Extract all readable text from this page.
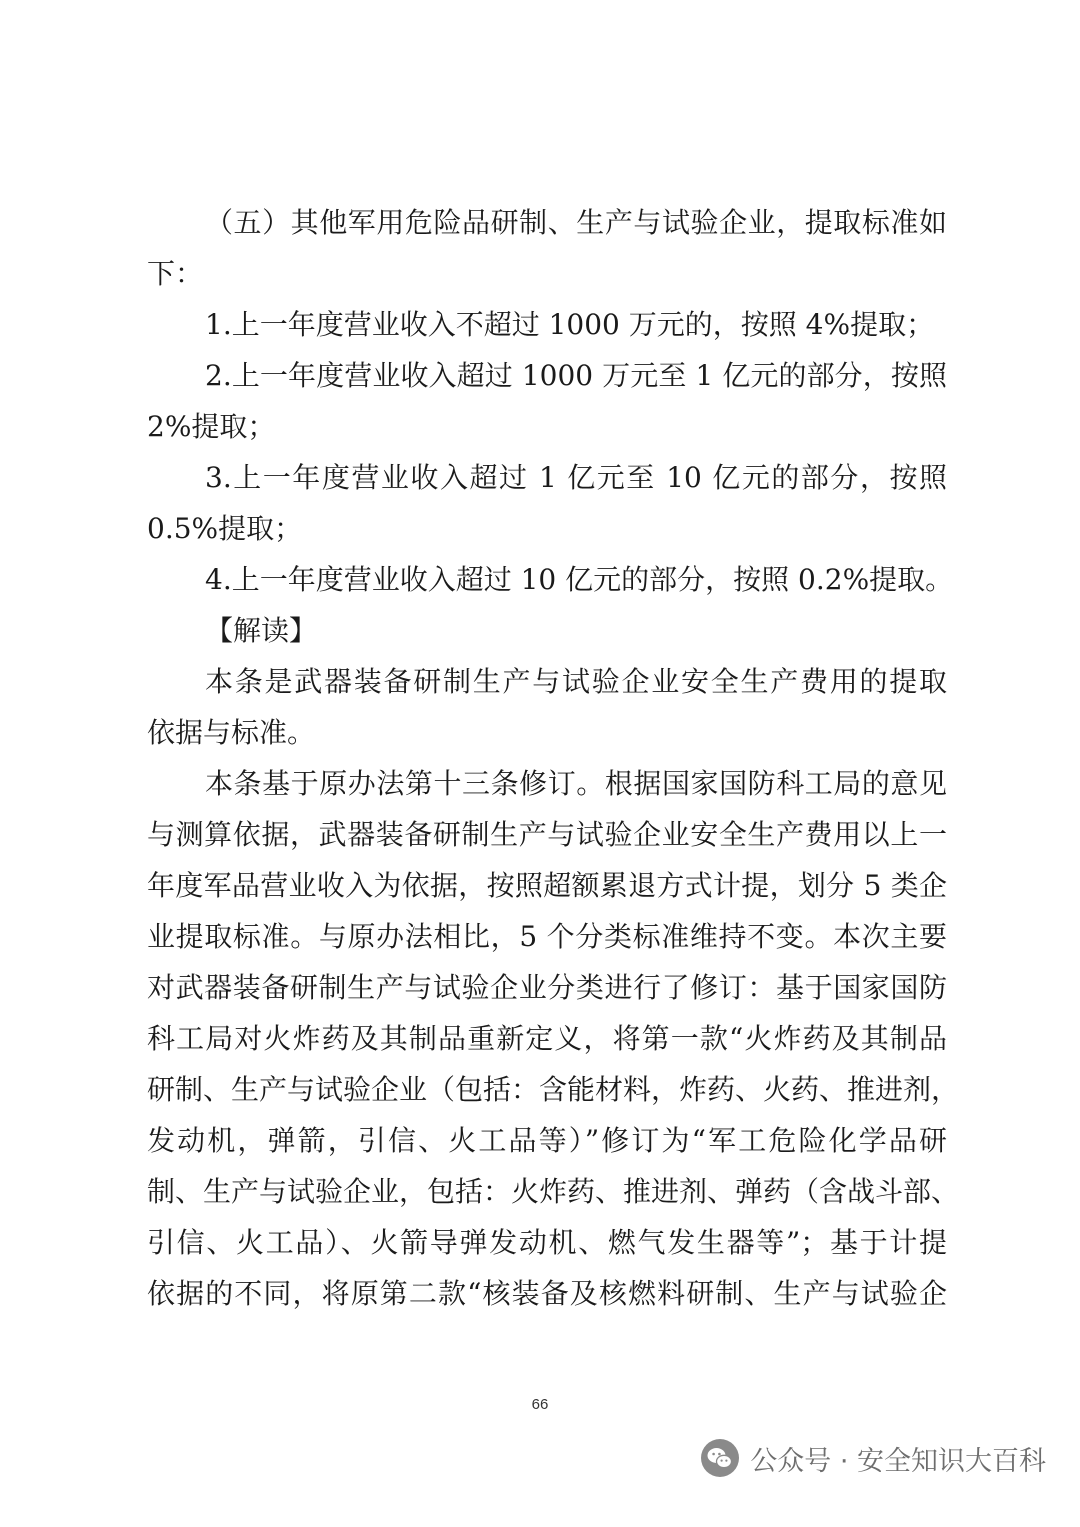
（五）其他军用危险品研制、生产与试验企业，提取标准如
下：
1.上一年度营业收入不超过 1000 万元的，按照 4%提取；
2.上一年度营业收入超过 1000 万元至 1 亿元的部分，按照
2%提取；
3.上一年度营业收入超过 1 亿元至 10 亿元的部分，按照
0.5%提取；
4.上一年度营业收入超过 10 亿元的部分，按照 0.2%提取。
【解读】
本条是武器装备研制生产与试验企业安全生产费用的提取
依据与标准。
本条基于原办法第十三条修订。根据国家国防科工局的意见
与测算依据，武器装备研制生产与试验企业安全生产费用以上一
年度军品营业收入为依据，按照超额累退方式计提，划分 5 类企
业提取标准。与原办法相比，5 个分类标准维持不变。本次主要
对武器装备研制生产与试验企业分类进行了修订：基于国家国防
科工局对火炸药及其制品重新定义，将第一款“火炸药及其制品
研制、生产与试验企业（包括：含能材料，炸药、火药、推进剂，
发动机，弹箭，引信、火工品等）”修订为“军工危险化学品研
制、生产与试验企业，包括：火炸药、推进剂、弹药（含战斗部、
引信、火工品）、火箭导弹发动机、燃气发生器等”；基于计提
依据的不同，将原第二款“核装备及核燃料研制、生产与试验企
66
公众号 · 安全知识大百科
